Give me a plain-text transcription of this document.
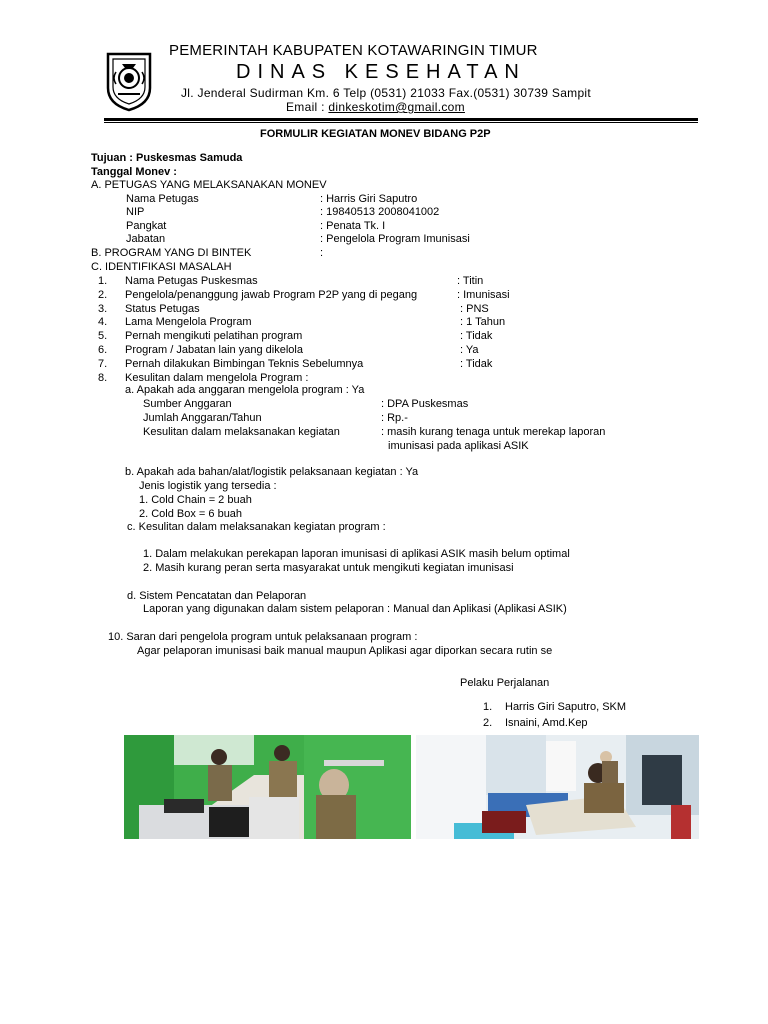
PEMERINTAH KABUPATEN KOTAWARINGIN TIMUR
DINAS KESEHATAN
Jl. Jenderal Sudirman Km. 6 Telp (0531) 21033 Fax.(0531) 30739 Sampit
Email : dinkeskotim@gmail.com
FORMULIR KEGIATAN MONEV BIDANG P2P
Tujuan : Puskesmas Samuda
Tanggal Monev :
A. PETUGAS YANG MELAKSANAKAN MONEV
Nama Petugas	: Harris Giri Saputro
NIP	: 19840513 2008041002
Pangkat	: Penata Tk. I
Jabatan	: Pengelola Program Imunisasi
B. PROGRAM YANG DI BINTEK	:
C. IDENTIFIKASI MASALAH
1. Nama Petugas Puskesmas	: Titin
2. Pengelola/penanggung jawab Program P2P yang di pegang	: Imunisasi
3. Status Petugas	: PNS
4. Lama Mengelola Program	: 1 Tahun
5. Pernah mengikuti pelatihan program	: Tidak
6. Program / Jabatan lain yang dikelola	: Ya
7. Pernah dilakukan Bimbingan Teknis Sebelumnya	: Tidak
8. Kesulitan dalam mengelola Program :
a. Apakah ada anggaran mengelola program : Ya
Sumber Anggaran	: DPA Puskesmas
Jumlah Anggaran/Tahun	: Rp.-
Kesulitan dalam melaksanakan kegiatan	: masih kurang tenaga untuk merekap laporan
imunisasi pada aplikasi ASIK
b. Apakah ada bahan/alat/logistik pelaksanaan kegiatan : Ya
Jenis logistik yang tersedia :
1. Cold Chain = 2 buah
2. Cold Box = 6 buah
c. Kesulitan dalam melaksanakan kegiatan program :
1. Dalam melakukan perekapan laporan imunisasi di aplikasi ASIK masih belum optimal
2. Masih kurang peran serta masyarakat untuk mengikuti kegiatan imunisasi
d. Sistem Pencatatan dan Pelaporan
Laporan yang digunakan dalam sistem pelaporan : Manual dan Aplikasi (Aplikasi ASIK)
10. Saran dari pengelola program untuk pelaksanaan program :
Agar pelaporan imunisasi baik manual maupun Aplikasi agar diporkan secara rutin se
Pelaku Perjalanan
1. Harris Giri Saputro, SKM
2. Isnaini, Amd.Kep
